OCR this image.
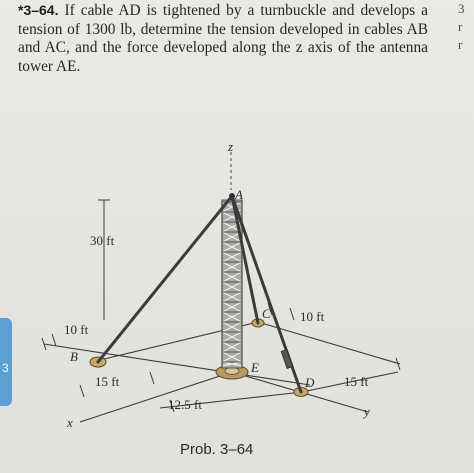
*3–64. If cable AD is tightened by a turnbuckle and develops a tension of 1300 lb, determine the tension developed in cables AB and AC, and the force developed along the z axis of the antenna tower AE.
3
r
r
3
z
A
B
C
D
E
x
y
30 ft
10 ft
10 ft
15 ft	15 ft
12.5 ft
Prob. 3–64
